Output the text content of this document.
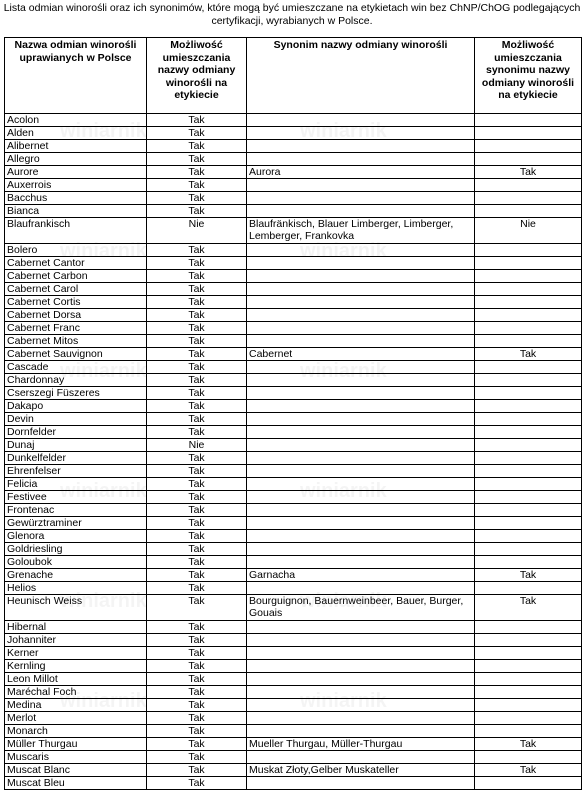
Lista odmian winorośli oraz ich synonimów, które mogą być umieszczane na etykietach win bez ChNP/ChOG podlegających certyfikacji, wyrabianych w Polsce.
Nazwa odmian winorośli uprawianych w Polsce	Możliwość umieszczania nazwy odmiany winorośli na etykiecie	Synonim nazwy odmiany winorośli	Możliwość umieszczania synonimu nazwy odmiany winorośli na etykiecie
Acolon	Tak		
Alden	Tak		
Alibernet	Tak		
Allegro	Tak		
Aurore	Tak	Aurora	Tak
Auxerrois	Tak		
Bacchus	Tak		
Bianca	Tak		
Blaufrankisch	Nie	Blaufränkisch, Blauer Limberger, Limberger, Lemberger, Frankovka	Nie
Bolero	Tak		
Cabernet Cantor	Tak		
Cabernet Carbon	Tak		
Cabernet Carol	Tak		
Cabernet Cortis	Tak		
Cabernet Dorsa	Tak		
Cabernet Franc	Tak		
Cabernet Mitos	Tak		
Cabernet Sauvignon	Tak	Cabernet	Tak
Cascade	Tak		
Chardonnay	Tak		
Cserszegi Füszeres	Tak		
Dakapo	Tak		
Devin	Tak		
Dornfelder	Tak		
Dunaj	Nie		
Dunkelfelder	Tak		
Ehrenfelser	Tak		
Felicia	Tak		
Festivee	Tak		
Frontenac	Tak		
Gewürztraminer	Tak		
Glenora	Tak		
Goldriesling	Tak		
Goloubok	Tak		
Grenache	Tak	Garnacha	Tak
Helios	Tak		
Heunisch Weiss	Tak	Bourguignon, Bauernweinbeer, Bauer, Burger, Gouais	Tak
Hibernal	Tak		
Johanniter	Tak		
Kerner	Tak		
Kernling	Tak		
Leon Millot	Tak		
Maréchal Foch	Tak		
Medina	Tak		
Merlot	Tak		
Monarch	Tak		
Müller Thurgau	Tak	Mueller Thurgau, Müller-Thurgau	Tak
Muscaris	Tak		
Muscat Blanc	Tak	Muskat Złoty,Gelber Muskateller	Tak
Muscat Bleu	Tak		
